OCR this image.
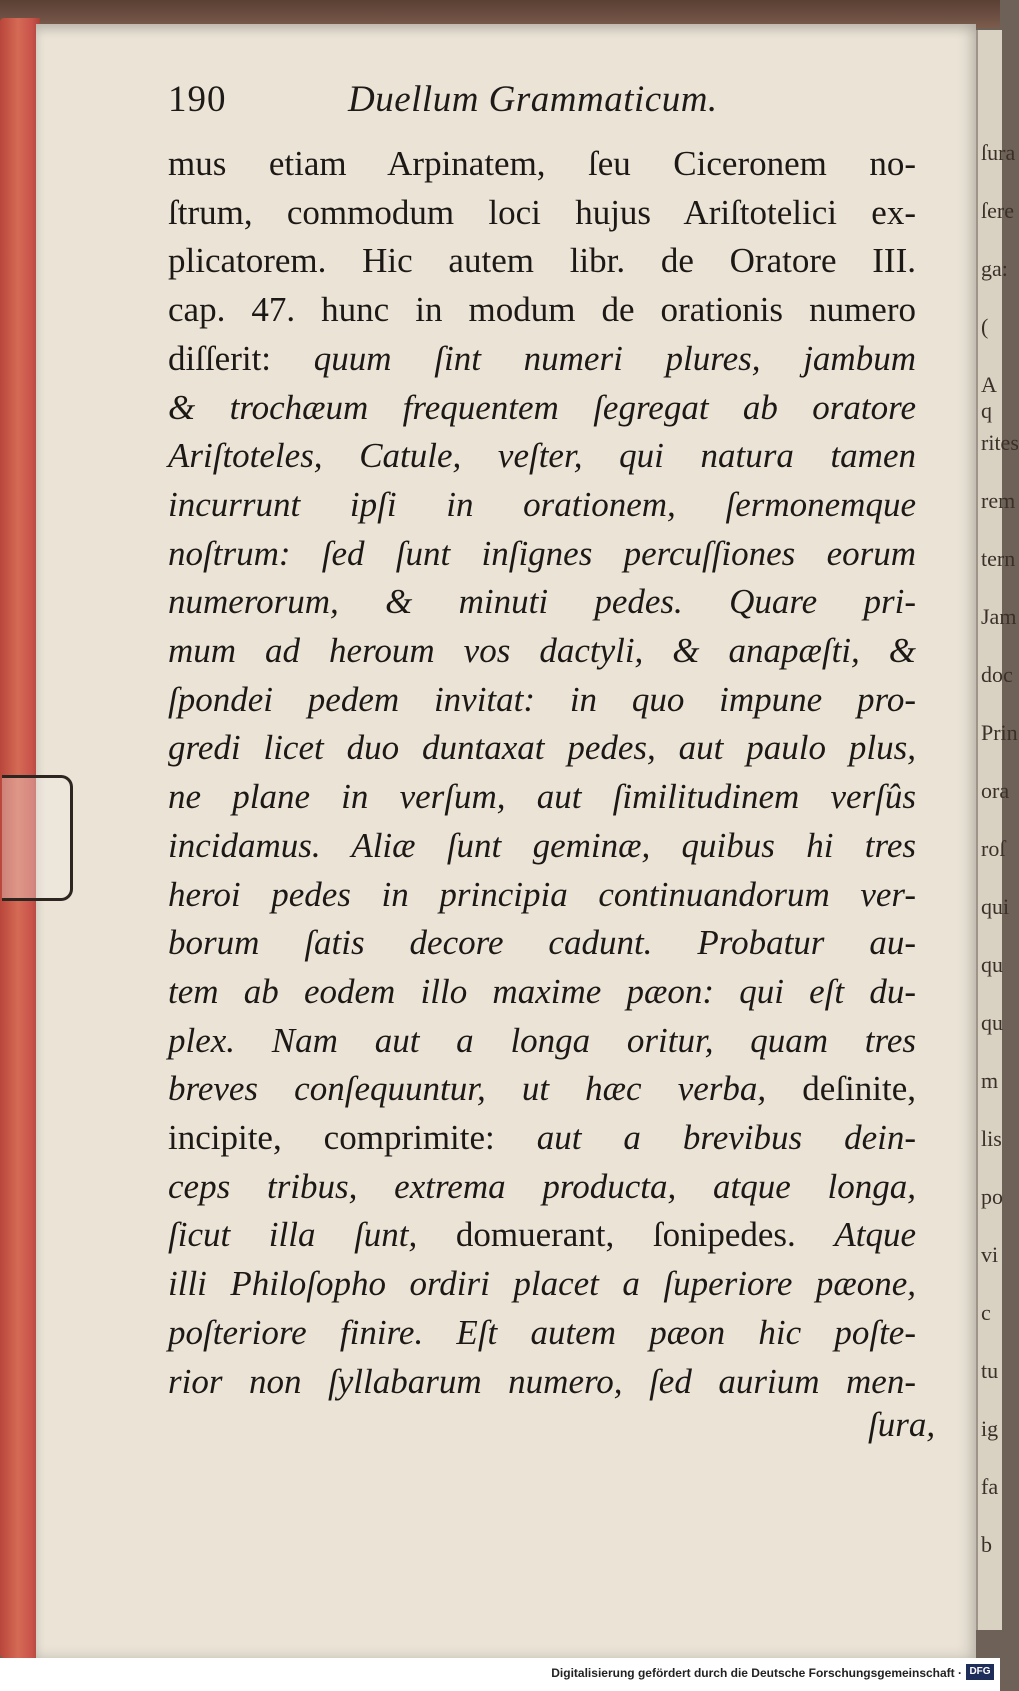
ſura
ſere
ga:
(
A q
rites
rem
tern
Jam
doc
Prin
ora
roſ
qui
qu
qu
m
lis
po
vi
c
tu
ig
fa
b
190	Duellum Grammaticum.
mus etiam Arpinatem, ſeu Ciceronem no-
ſtrum, commodum loci hujus Ariſtotelici ex-
plicatorem. Hic autem libr. de Oratore III.
cap. 47. hunc in modum de orationis numero
diſſerit: quum ſint numeri plures, jambum
& trochæum frequentem ſegregat ab oratore
Ariſtoteles, Catule, veſter, qui natura tamen
incurrunt ipſi in orationem, ſermonemque
noſtrum: ſed ſunt inſignes percuſſiones eorum
numerorum, & minuti pedes. Quare pri-
mum ad heroum vos dactyli, & anapæſti, &
ſpondei pedem invitat: in quo impune pro-
gredi licet duo duntaxat pedes, aut paulo plus,
ne plane in verſum, aut ſimilitudinem verſûs
incidamus. Aliæ ſunt geminæ, quibus hi tres
heroi pedes in principia continuandorum ver-
borum ſatis decore cadunt. Probatur au-
tem ab eodem illo maxime pæon: qui eſt du-
plex. Nam aut a longa oritur, quam tres
breves conſequuntur, ut hæc verba, deſinite,
incipite, comprimite: aut a brevibus dein-
ceps tribus, extrema producta, atque longa,
ſicut illa ſunt, domuerant, ſonipedes. Atque
illi Philoſopho ordiri placet a ſuperiore pæone,
poſteriore finire. Eſt autem pæon hic poſte-
rior non ſyllabarum numero, ſed aurium men-
ſura,
Digitalisierung gefördert durch die Deutsche Forschungsgemeinschaft · DFG
